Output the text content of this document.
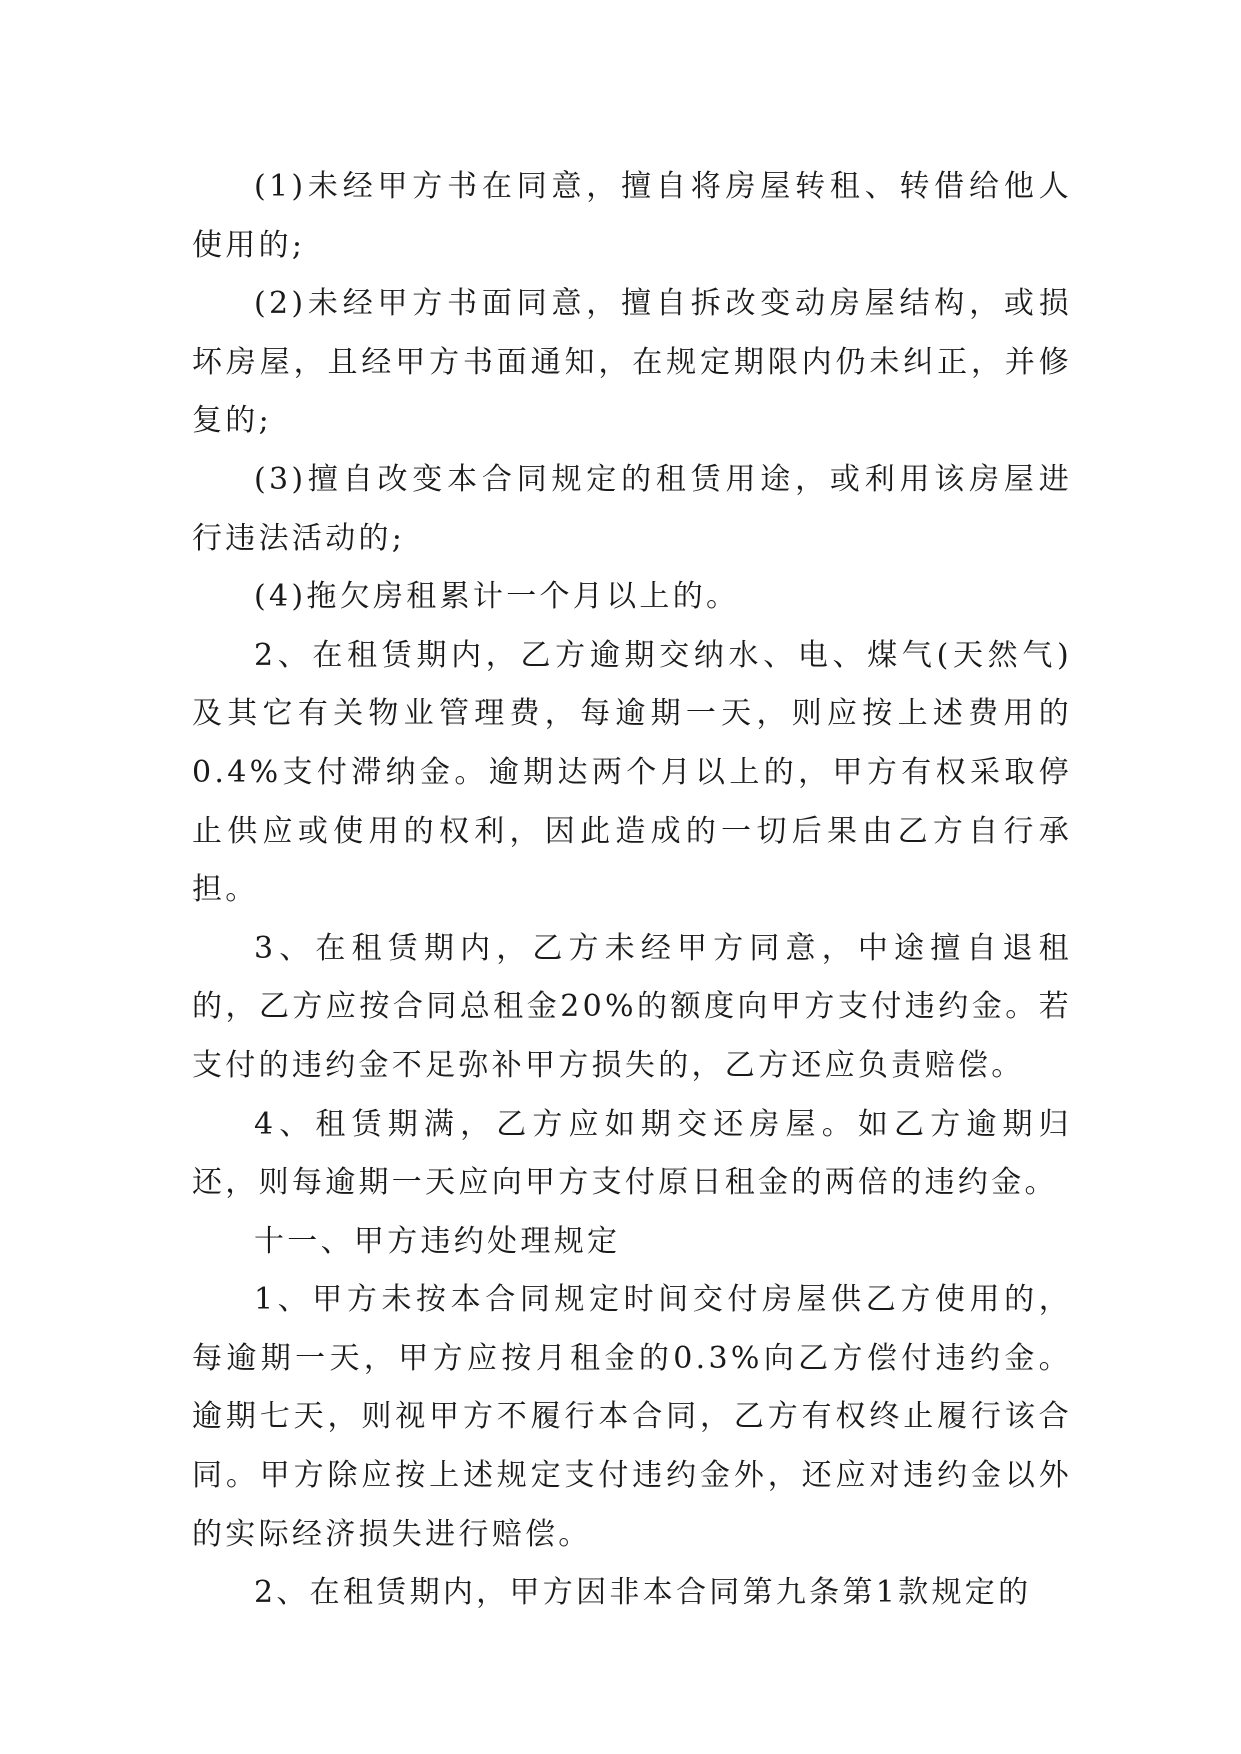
(1)未经甲方书在同意，擅自将房屋转租、转借给他人使用的;

(2)未经甲方书面同意，擅自拆改变动房屋结构，或损坏房屋，且经甲方书面通知，在规定期限内仍未纠正，并修复的;

(3)擅自改变本合同规定的租赁用途，或利用该房屋进行违法活动的;

(4)拖欠房租累计一个月以上的。

2、在租赁期内，乙方逾期交纳水、电、煤气(天然气)及其它有关物业管理费，每逾期一天，则应按上述费用的0.4%支付滞纳金。逾期达两个月以上的，甲方有权采取停止供应或使用的权利，因此造成的一切后果由乙方自行承担。

3、在租赁期内，乙方未经甲方同意，中途擅自退租的，乙方应按合同总租金20%的额度向甲方支付违约金。若支付的违约金不足弥补甲方损失的，乙方还应负责赔偿。

4、租赁期满，乙方应如期交还房屋。如乙方逾期归还，则每逾期一天应向甲方支付原日租金的两倍的违约金。

十一、甲方违约处理规定

1、甲方未按本合同规定时间交付房屋供乙方使用的，每逾期一天，甲方应按月租金的0.3%向乙方偿付违约金。逾期七天，则视甲方不履行本合同，乙方有权终止履行该合同。甲方除应按上述规定支付违约金外，还应对违约金以外的实际经济损失进行赔偿。

2、在租赁期内，甲方因非本合同第九条第1款规定的
